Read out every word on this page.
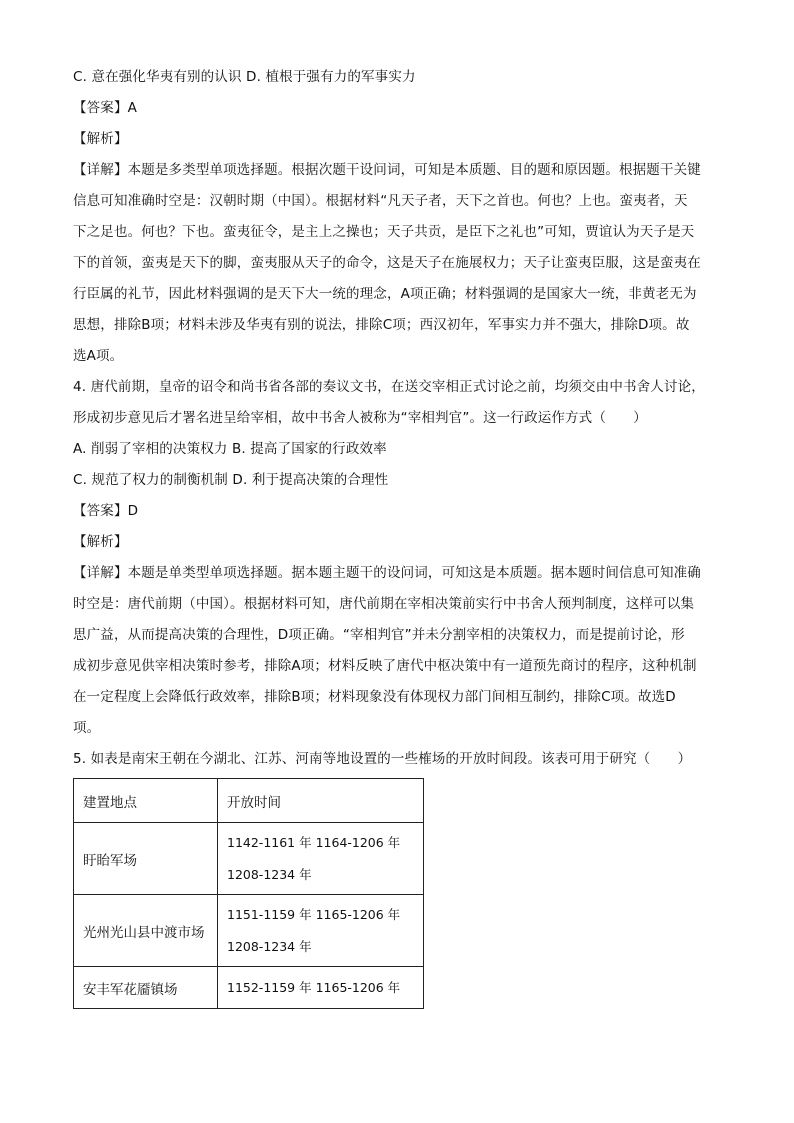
C. 意在强化华夷有别的认识 D. 植根于强有力的军事实力
【答案】A
【解析】
【详解】本题是多类型单项选择题。根据次题干设问词，可知是本质题、目的题和原因题。根据题干关键
信息可知准确时空是：汉朝时期（中国）。根据材料“凡天子者，天下之首也。何也？上也。蛮夷者，天
下之足也。何也？下也。蛮夷征令，是主上之操也；天子共贡，是臣下之礼也”可知，贾谊认为天子是天
下的首领，蛮夷是天下的脚，蛮夷服从天子的命令，这是天子在施展权力；天子让蛮夷臣服，这是蛮夷在
行臣属的礼节，因此材料强调的是天下大一统的理念，A项正确；材料强调的是国家大一统，非黄老无为
思想，排除B项；材料未涉及华夷有别的说法，排除C项；西汉初年，军事实力并不强大，排除D项。故
选A项。
4. 唐代前期，皇帝的诏令和尚书省各部的奏议文书，在送交宰相正式讨论之前，均须交由中书舍人讨论，
形成初步意见后才署名进呈给宰相，故中书舍人被称为“宰相判官”。这一行政运作方式（　　）
A. 削弱了宰相的决策权力 B. 提高了国家的行政效率
C. 规范了权力的制衡机制 D. 利于提高决策的合理性
【答案】D
【解析】
【详解】本题是单类型单项选择题。据本题主题干的设问词，可知这是本质题。据本题时间信息可知准确
时空是：唐代前期（中国）。根据材料可知，唐代前期在宰相决策前实行中书舍人预判制度，这样可以集
思广益，从而提高决策的合理性，D项正确。“宰相判官”并未分割宰相的决策权力，而是提前讨论，形
成初步意见供宰相决策时参考，排除A项；材料反映了唐代中枢决策中有一道预先商讨的程序，这种机制
在一定程度上会降低行政效率，排除B项；材料现象没有体现权力部门间相互制约，排除C项。故选D
项。
5. 如表是南宋王朝在今湖北、江苏、河南等地设置的一些榷场的开放时间段。该表可用于研究（　　）
建置地点	开放时间
盱眙军场	1142-1161 年 1164-1206 年
1208-1234 年

光州光山县中渡市场	1151-1159 年 1165-1206 年
1208-1234 年

安丰军花靥镇场	1152-1159 年 1165-1206 年
